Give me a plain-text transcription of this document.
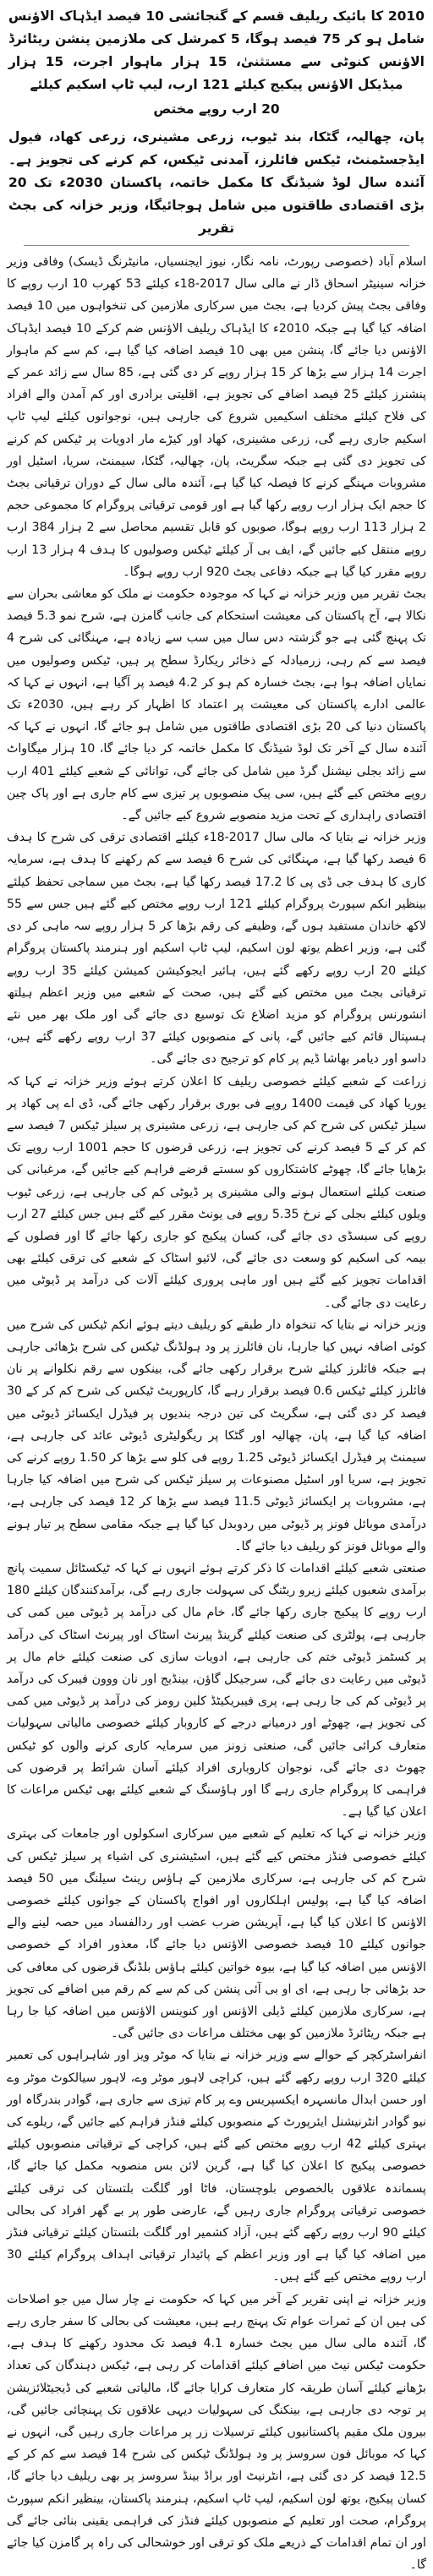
2010 کا بائیک ریلیف قسم کے گنجائشی 10 فیصد ایڈہاک الاؤنس شامل ہو کر 75 فیصد ہوگا، 5 کمرشل کی ملازمین پنشن ریٹائرڈ الاؤنس کنوٹی سے مستثنیٰ، 15 ہزار ماہوار اجرت، 15 ہزار میڈیکل الاؤنس پیکیج کیلئے 121 ارب، لیپ ٹاپ اسکیم کیلئے

20 ارب روپے مختص

پان، چھالیہ، گٹکا، بند ٹیوب، زرعی مشینری، زرعی کھاد، فیول ایڈجسٹمنٹ، ٹیکس فائلرز، آمدنی ٹیکس، کم کرنے کی تجویز ہے۔ آئندہ سال لوڈ شیڈنگ کا مکمل خاتمہ، پاکستان 2030ء تک 20 بڑی اقتصادی طاقتوں میں شامل ہوجائیگا، وزیر خزانہ کی بجٹ تقریر

اسلام آباد (خصوصی رپورٹ، نامہ نگار، نیوز ایجنسیاں، مانیٹرنگ ڈیسک) وفاقی وزیر خزانہ سینیٹر اسحاق ڈار نے مالی سال 2017-18ء کیلئے 53 کھرب 10 ارب روپے کا وفاقی بجٹ پیش کردیا ہے، بجٹ میں سرکاری ملازمین کی تنخواہوں میں 10 فیصد اضافہ کیا گیا ہے جبکہ 2010ء کا ایڈہاک ریلیف الاؤنس ضم کرکے 10 فیصد ایڈہاک الاؤنس دیا جائے گا، پنشن میں بھی 10 فیصد اضافہ کیا گیا ہے، کم سے کم ماہوار اجرت 14 ہزار سے بڑھا کر 15 ہزار روپے کر دی گئی ہے، 85 سال سے زائد عمر کے پنشنرز کیلئے 25 فیصد اضافے کی تجویز ہے، اقلیتی برادری اور کم آمدن والے افراد کی فلاح کیلئے مختلف اسکیمیں شروع کی جارہی ہیں، نوجوانوں کیلئے لیپ ٹاپ اسکیم جاری رہے گی، زرعی مشینری، کھاد اور کیڑے مار ادویات پر ٹیکس کم کرنے کی تجویز دی گئی ہے جبکہ سگریٹ، پان، چھالیہ، گٹکا، سیمنٹ، سریا، اسٹیل اور مشروبات مہنگے کرنے کا فیصلہ کیا گیا ہے، آئندہ مالی سال کے دوران ترقیاتی بجٹ کا حجم ایک ہزار ارب روپے رکھا گیا ہے اور قومی ترقیاتی پروگرام کا مجموعی حجم 2 ہزار 113 ارب روپے ہوگا، صوبوں کو قابل تقسیم محاصل سے 2 ہزار 384 ارب روپے منتقل کیے جائیں گے، ایف بی آر کیلئے ٹیکس وصولیوں کا ہدف 4 ہزار 13 ارب روپے مقرر کیا گیا ہے جبکہ دفاعی بجٹ 920 ارب روپے ہوگا۔

بجٹ تقریر میں وزیر خزانہ نے کہا کہ موجودہ حکومت نے ملک کو معاشی بحران سے نکالا ہے، آج پاکستان کی معیشت استحکام کی جانب گامزن ہے، شرح نمو 5.3 فیصد تک پہنچ گئی ہے جو گزشتہ دس سال میں سب سے زیادہ ہے، مہنگائی کی شرح 4 فیصد سے کم رہی، زرمبادلہ کے ذخائر ریکارڈ سطح پر ہیں، ٹیکس وصولیوں میں نمایاں اضافہ ہوا ہے، بجٹ خسارہ کم ہو کر 4.2 فیصد پر آگیا ہے، انہوں نے کہا کہ عالمی ادارے پاکستان کی معیشت پر اعتماد کا اظہار کر رہے ہیں، 2030ء تک پاکستان دنیا کی 20 بڑی اقتصادی طاقتوں میں شامل ہو جائے گا، انہوں نے کہا کہ آئندہ سال کے آخر تک لوڈ شیڈنگ کا مکمل خاتمہ کر دیا جائے گا، 10 ہزار میگاواٹ سے زائد بجلی نیشنل گرڈ میں شامل کی جائے گی، توانائی کے شعبے کیلئے 401 ارب روپے مختص کیے گئے ہیں، سی پیک منصوبوں پر تیزی سے کام جاری ہے اور پاک چین اقتصادی راہداری کے تحت مزید منصوبے شروع کیے جائیں گے۔

وزیر خزانہ نے بتایا کہ مالی سال 2017-18ء کیلئے اقتصادی ترقی کی شرح کا ہدف 6 فیصد رکھا گیا ہے، مہنگائی کی شرح 6 فیصد سے کم رکھنے کا ہدف ہے، سرمایہ کاری کا ہدف جی ڈی پی کا 17.2 فیصد رکھا گیا ہے، بجٹ میں سماجی تحفظ کیلئے بینظیر انکم سپورٹ پروگرام کیلئے 121 ارب روپے مختص کیے گئے ہیں جس سے 55 لاکھ خاندان مستفید ہوں گے، وظیفے کی رقم بڑھا کر 5 ہزار روپے سہ ماہی کر دی گئی ہے، وزیر اعظم یوتھ لون اسکیم، لیپ ٹاپ اسکیم اور ہنرمند پاکستان پروگرام کیلئے 20 ارب روپے رکھے گئے ہیں، ہائیر ایجوکیشن کمیشن کیلئے 35 ارب روپے ترقیاتی بجٹ میں مختص کیے گئے ہیں، صحت کے شعبے میں وزیر اعظم ہیلتھ انشورنس پروگرام کو مزید اضلاع تک توسیع دی جائے گی اور ملک بھر میں نئے ہسپتال قائم کیے جائیں گے، پانی کے منصوبوں کیلئے 37 ارب روپے رکھے گئے ہیں، داسو اور دیامر بھاشا ڈیم پر کام کو ترجیح دی جائے گی۔

زراعت کے شعبے کیلئے خصوصی ریلیف کا اعلان کرتے ہوئے وزیر خزانہ نے کہا کہ یوریا کھاد کی قیمت 1400 روپے فی بوری برقرار رکھی جائے گی، ڈی اے پی کھاد پر سیلز ٹیکس کی شرح کم کی جارہی ہے، زرعی مشینری پر سیلز ٹیکس 7 فیصد سے کم کر کے 5 فیصد کرنے کی تجویز ہے، زرعی قرضوں کا حجم 1001 ارب روپے تک بڑھایا جائے گا، چھوٹے کاشتکاروں کو سستے قرضے فراہم کیے جائیں گے، مرغبانی کی صنعت کیلئے استعمال ہونے والی مشینری پر ڈیوٹی کم کی جارہی ہے، زرعی ٹیوب ویلوں کیلئے بجلی کے نرخ 5.35 روپے فی یونٹ مقرر کیے گئے ہیں جس کیلئے 27 ارب روپے کی سبسڈی دی جائے گی، کسان پیکیج کو جاری رکھا جائے گا اور فصلوں کے بیمہ کی اسکیم کو وسعت دی جائے گی، لائیو اسٹاک کے شعبے کی ترقی کیلئے بھی اقدامات تجویز کیے گئے ہیں اور ماہی پروری کیلئے آلات کی درآمد پر ڈیوٹی میں رعایت دی جائے گی۔

وزیر خزانہ نے بتایا کہ تنخواہ دار طبقے کو ریلیف دیتے ہوئے انکم ٹیکس کی شرح میں کوئی اضافہ نہیں کیا جارہا، نان فائلرز پر ود ہولڈنگ ٹیکس کی شرح بڑھائی جارہی ہے جبکہ فائلرز کیلئے شرح برقرار رکھی جائے گی، بینکوں سے رقم نکلوانے پر نان فائلرز کیلئے ٹیکس 0.6 فیصد برقرار رہے گا، کارپوریٹ ٹیکس کی شرح کم کر کے 30 فیصد کر دی گئی ہے، سگریٹ کی تین درجہ بندیوں پر فیڈرل ایکسائز ڈیوٹی میں اضافہ کیا گیا ہے، پان، چھالیہ اور گٹکا پر ریگولیٹری ڈیوٹی عائد کی جارہی ہے، سیمنٹ پر فیڈرل ایکسائز ڈیوٹی 1.25 روپے فی کلو سے بڑھا کر 1.50 روپے کرنے کی تجویز ہے، سریا اور اسٹیل مصنوعات پر سیلز ٹیکس کی شرح میں اضافہ کیا جارہا ہے، مشروبات پر ایکسائز ڈیوٹی 11.5 فیصد سے بڑھا کر 12 فیصد کی جارہی ہے، درآمدی موبائل فونز پر ڈیوٹی میں ردوبدل کیا گیا ہے جبکہ مقامی سطح پر تیار ہونے والے موبائل فونز کو ریلیف دیا جائے گا۔

صنعتی شعبے کیلئے اقدامات کا ذکر کرتے ہوئے انہوں نے کہا کہ ٹیکسٹائل سمیت پانچ برآمدی شعبوں کیلئے زیرو ریٹنگ کی سہولت جاری رہے گی، برآمدکنندگان کیلئے 180 ارب روپے کا پیکیج جاری رکھا جائے گا، خام مال کی درآمد پر ڈیوٹی میں کمی کی جارہی ہے، پولٹری کی صنعت کیلئے گرینڈ پیرنٹ اسٹاک اور پیرنٹ اسٹاک کی درآمد پر کسٹمز ڈیوٹی ختم کی جارہی ہے، ادویات سازی کی صنعت کیلئے خام مال پر ڈیوٹی میں رعایت دی جائے گی، سرجیکل گاؤن، بینڈیج اور نان ووون فیبرک کی درآمد پر ڈیوٹی کم کی جا رہی ہے، پری فیبریکیٹڈ کلین رومز کی درآمد پر ڈیوٹی میں کمی کی تجویز ہے، چھوٹے اور درمیانے درجے کے کاروبار کیلئے خصوصی مالیاتی سہولیات متعارف کرائی جائیں گی، صنعتی زونز میں سرمایہ کاری کرنے والوں کو ٹیکس چھوٹ دی جائے گی، نوجوان کاروباری افراد کیلئے آسان شرائط پر قرضوں کی فراہمی کا پروگرام جاری رہے گا اور ہاؤسنگ کے شعبے کیلئے بھی ٹیکس مراعات کا اعلان کیا گیا ہے۔

وزیر خزانہ نے کہا کہ تعلیم کے شعبے میں سرکاری اسکولوں اور جامعات کی بہتری کیلئے خصوصی فنڈز مختص کیے گئے ہیں، اسٹیشنری کی اشیاء پر سیلز ٹیکس کی شرح کم کی جارہی ہے، سرکاری ملازمین کے ہاؤس رینٹ سیلنگ میں 50 فیصد اضافہ کیا گیا ہے، پولیس اہلکاروں اور افواج پاکستان کے جوانوں کیلئے خصوصی الاؤنس کا اعلان کیا گیا ہے، آپریشن ضرب عضب اور ردالفساد میں حصہ لینے والے جوانوں کیلئے 10 فیصد خصوصی الاؤنس دیا جائے گا، معذور افراد کے خصوصی الاؤنس میں اضافہ کیا گیا ہے، بیوہ خواتین کیلئے ہاؤس بلڈنگ قرضوں کی معافی کی حد بڑھائی جا رہی ہے، ای او بی آئی پنشن کی کم سے کم رقم میں اضافے کی تجویز ہے، سرکاری ملازمین کیلئے ڈیلی الاؤنس اور کنوینس الاؤنس میں اضافہ کیا جا رہا ہے جبکہ ریٹائرڈ ملازمین کو بھی مختلف مراعات دی جائیں گی۔

انفراسٹرکچر کے حوالے سے وزیر خزانہ نے بتایا کہ موٹر ویز اور شاہراہوں کی تعمیر کیلئے 320 ارب روپے رکھے گئے ہیں، کراچی لاہور موٹر وے، لاہور سیالکوٹ موٹر وے اور حسن ابدال مانسہرہ ایکسپریس وے پر کام تیزی سے جاری ہے، گوادر بندرگاہ اور نیو گوادر انٹرنیشنل ایئرپورٹ کے منصوبوں کیلئے فنڈز فراہم کیے جائیں گے، ریلوے کی بہتری کیلئے 42 ارب روپے مختص کیے گئے ہیں، کراچی کے ترقیاتی منصوبوں کیلئے خصوصی پیکیج کا اعلان کیا گیا ہے، گرین لائن بس منصوبہ مکمل کیا جائے گا، پسماندہ علاقوں بالخصوص بلوچستان، فاٹا اور گلگت بلتستان کی ترقی کیلئے خصوصی ترقیاتی پروگرام جاری رہیں گے، عارضی طور پر بے گھر افراد کی بحالی کیلئے 90 ارب روپے رکھے گئے ہیں، آزاد کشمیر اور گلگت بلتستان کیلئے ترقیاتی فنڈز میں اضافہ کیا گیا ہے اور وزیر اعظم کے پائیدار ترقیاتی اہداف پروگرام کیلئے 30 ارب روپے مختص کیے گئے ہیں۔

وزیر خزانہ نے اپنی تقریر کے آخر میں کہا کہ حکومت نے چار سال میں جو اصلاحات کی ہیں ان کے ثمرات عوام تک پہنچ رہے ہیں، معیشت کی بحالی کا سفر جاری رہے گا، آئندہ مالی سال میں بجٹ خسارہ 4.1 فیصد تک محدود رکھنے کا ہدف ہے، حکومت ٹیکس نیٹ میں اضافے کیلئے اقدامات کر رہی ہے، ٹیکس دہندگان کی تعداد بڑھانے کیلئے آسان طریقہ کار متعارف کرایا جائے گا، مالیاتی شعبے کی ڈیجیٹلائزیشن پر توجہ دی جارہی ہے، بینکنگ کی سہولیات دیہی علاقوں تک پہنچائی جائیں گی، بیرون ملک مقیم پاکستانیوں کیلئے ترسیلات زر پر مراعات جاری رہیں گی، انہوں نے کہا کہ موبائل فون سروسز پر ود ہولڈنگ ٹیکس کی شرح 14 فیصد سے کم کر کے 12.5 فیصد کر دی گئی ہے، انٹرنیٹ اور براڈ بینڈ سروسز پر بھی ریلیف دیا جائے گا، کسان پیکیج، یوتھ لون اسکیم، لیپ ٹاپ اسکیم، ہنرمند پاکستان، بینظیر انکم سپورٹ پروگرام، صحت اور تعلیم کے منصوبوں کیلئے فنڈز کی فراہمی یقینی بنائی جائے گی اور ان تمام اقدامات کے ذریعے ملک کو ترقی اور خوشحالی کی راہ پر گامزن کیا جائے گا۔
